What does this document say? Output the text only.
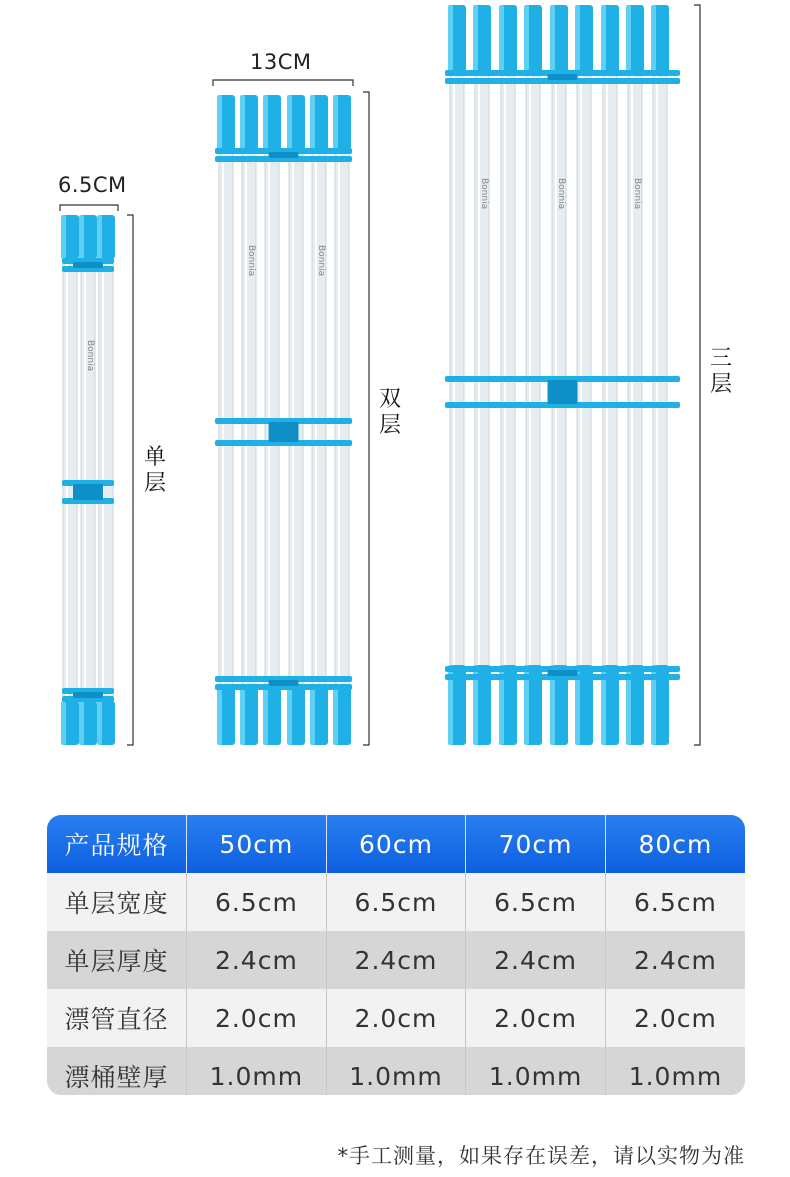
Bonnia
Bonnia	Bonnia
Bonnia	Bonnia	Bonnia
6.5CM
13CM
单层
双层
三层
产品规格	50cm	60cm	70cm	80cm
单层宽度	6.5cm	6.5cm	6.5cm	6.5cm
单层厚度	2.4cm	2.4cm	2.4cm	2.4cm
漂管直径	2.0cm	2.0cm	2.0cm	2.0cm
漂桶壁厚	1.0mm	1.0mm	1.0mm	1.0mm
*手工测量，如果存在误差，请以实物为准
